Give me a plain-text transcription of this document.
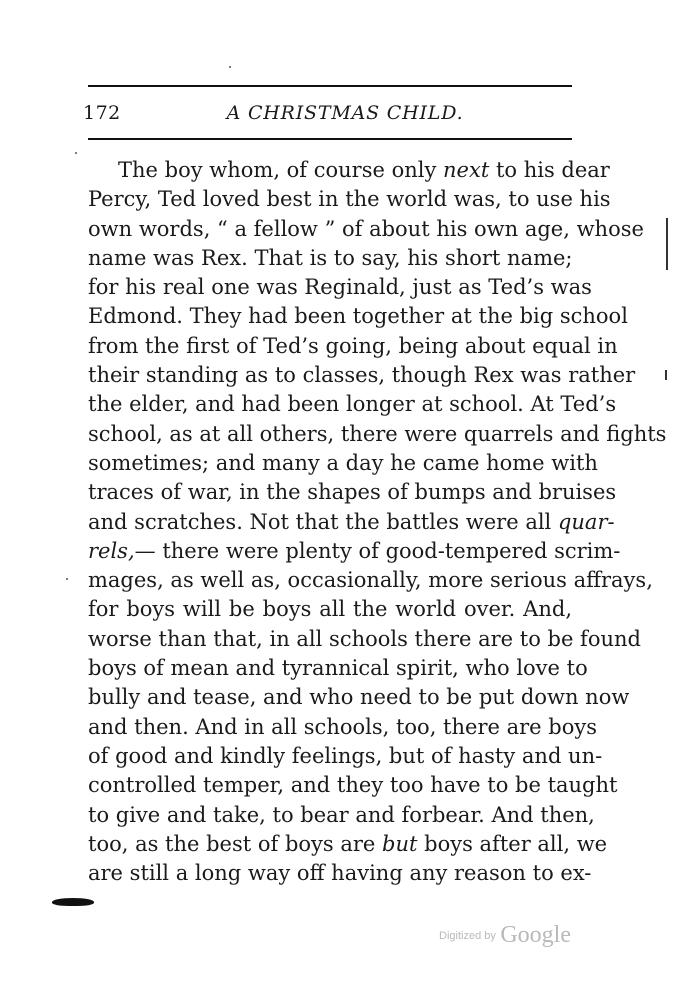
172	A CHRISTMAS CHILD.
The boy whom, of course only next to his dear
Percy, Ted loved best in the world was, to use his
own words, “ a fellow ” of about his own age, whose
name was Rex. That is to say, his short name;
for his real one was Reginald, just as Ted’s was
Edmond. They had been together at the big school
from the first of Ted’s going, being about equal in
their standing as to classes, though Rex was rather
the elder, and had been longer at school. At Ted’s
school, as at all others, there were quarrels and fights
sometimes; and many a day he came home with
traces of war, in the shapes of bumps and bruises
and scratches. Not that the battles were all quar-
rels,— there were plenty of good-tempered scrim-
mages, as well as, occasionally, more serious affrays,
for boys will be boys all the world over. And,
worse than that, in all schools there are to be found
boys of mean and tyrannical spirit, who love to
bully and tease, and who need to be put down now
and then. And in all schools, too, there are boys
of good and kindly feelings, but of hasty and un-
controlled temper, and they too have to be taught
to give and take, to bear and forbear. And then,
too, as the best of boys are but boys after all, we
are still a long way off having any reason to ex-
Digitized by Google
